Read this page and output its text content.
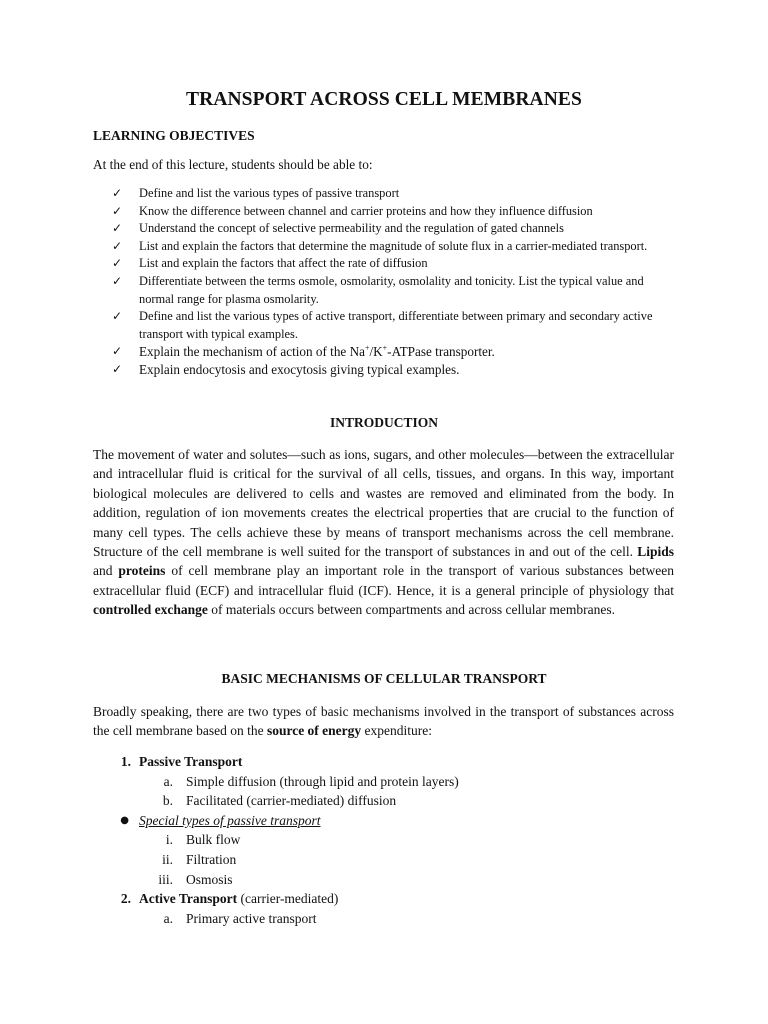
TRANSPORT ACROSS CELL MEMBRANES
LEARNING OBJECTIVES

At the end of this lecture, students should be able to:

✓ Define and list the various types of passive transport
✓ Know the difference between channel and carrier proteins and how they influence diffusion
✓ Understand the concept of selective permeability and the regulation of gated channels
✓ List and explain the factors that determine the magnitude of solute flux in a carrier-mediated transport.
✓ List and explain the factors that affect the rate of diffusion
✓ Differentiate between the terms osmole, osmolarity, osmolality and tonicity. List the typical value and normal range for plasma osmolarity.
✓ Define and list the various types of active transport, differentiate between primary and secondary active transport with typical examples.
✓ Explain the mechanism of action of the Na+/K+-ATPase transporter.
✓ Explain endocytosis and exocytosis giving typical examples.
INTRODUCTION

The movement of water and solutes—such as ions, sugars, and other molecules—between the extracellular and intracellular fluid is critical for the survival of all cells, tissues, and organs. In this way, important biological molecules are delivered to cells and wastes are removed and eliminated from the body. In addition, regulation of ion movements creates the electrical properties that are crucial to the function of many cell types. The cells achieve these by means of transport mechanisms across the cell membrane. Structure of the cell membrane is well suited for the transport of substances in and out of the cell. Lipids and proteins of cell membrane play an important role in the transport of various substances between extracellular fluid (ECF) and intracellular fluid (ICF). Hence, it is a general principle of physiology that controlled exchange of materials occurs between compartments and across cellular membranes.

BASIC MECHANISMS OF CELLULAR TRANSPORT

Broadly speaking, there are two types of basic mechanisms involved in the transport of substances across the cell membrane based on the source of energy expenditure:

1. Passive Transport
a. Simple diffusion (through lipid and protein layers)
b. Facilitated (carrier-mediated) diffusion
● Special types of passive transport
i. Bulk flow
ii. Filtration
iii. Osmosis
2. Active Transport (carrier-mediated)
a. Primary active transport
